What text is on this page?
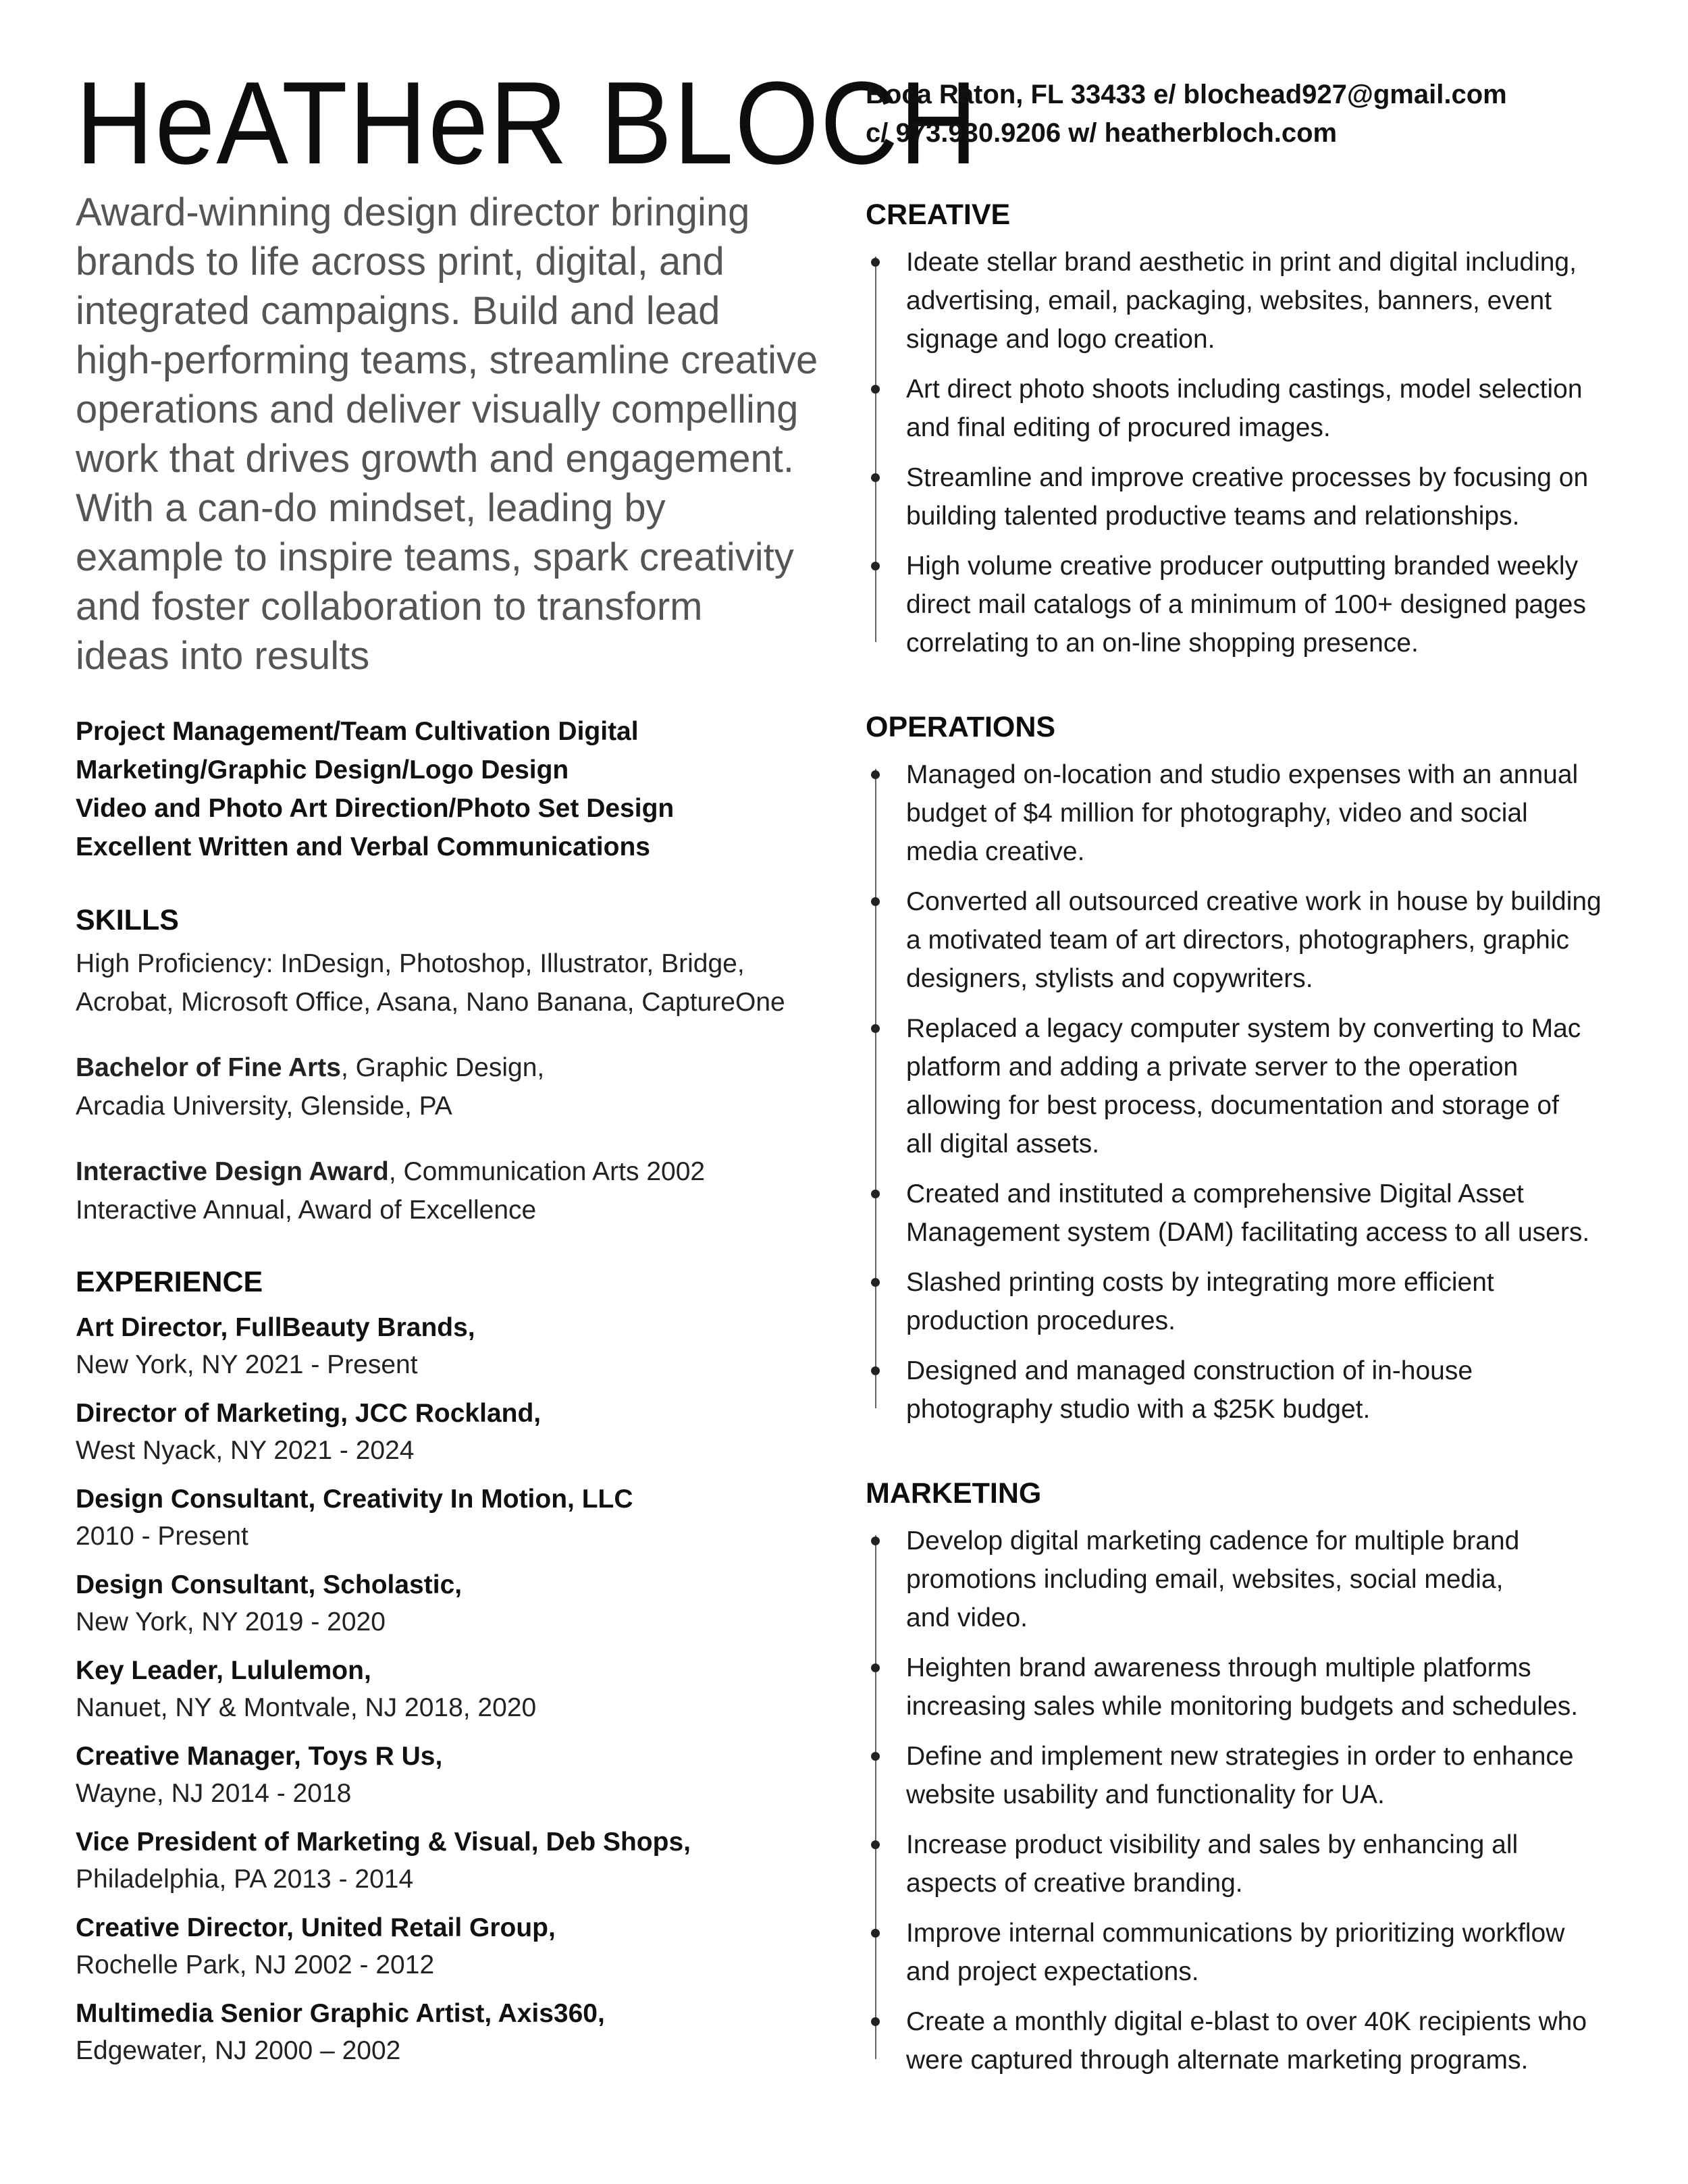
HeATHeR BLOCH
Boca Raton, FL 33433 e/ blochead927@gmail.com
c/ 973.930.9206 w/ heatherbloch.com
Award-winning design director bringing
brands to life across print, digital, and
integrated campaigns. Build and lead
high-performing teams, streamline creative
operations and deliver visually compelling
work that drives growth and engagement.
With a can-do mindset, leading by
example to inspire teams, spark creativity
and foster collaboration to transform
ideas into results
Project Management/Team Cultivation Digital
Marketing/Graphic Design/Logo Design
Video and Photo Art Direction/Photo Set Design
Excellent Written and Verbal Communications
SKILLS
High Proficiency: InDesign, Photoshop, Illustrator, Bridge,
Acrobat, Microsoft Office, Asana, Nano Banana, CaptureOne
Bachelor of Fine Arts, Graphic Design,
Arcadia University, Glenside, PA
Interactive Design Award, Communication Arts 2002
Interactive Annual, Award of Excellence
EXPERIENCE
Art Director, FullBeauty Brands,
New York, NY 2021 - Present
Director of Marketing, JCC Rockland,
West Nyack, NY 2021 - 2024
Design Consultant, Creativity In Motion, LLC
2010 - Present
Design Consultant, Scholastic,
New York, NY 2019 - 2020
Key Leader, Lululemon,
Nanuet, NY & Montvale, NJ 2018, 2020
Creative Manager, Toys R Us,
Wayne, NJ 2014 - 2018
Vice President of Marketing & Visual, Deb Shops,
Philadelphia, PA 2013 - 2014
Creative Director, United Retail Group,
Rochelle Park, NJ 2002 - 2012
Multimedia Senior Graphic Artist, Axis360,
Edgewater, NJ 2000 – 2002
CREATIVE
Ideate stellar brand aesthetic in print and digital including,
advertising, email, packaging, websites, banners, event
signage and logo creation.
Art direct photo shoots including castings, model selection
and final editing of procured images.
Streamline and improve creative processes by focusing on
building talented productive teams and relationships.
High volume creative producer outputting branded weekly
direct mail catalogs of a minimum of 100+ designed pages
correlating to an on-line shopping presence.
OPERATIONS
Managed on-location and studio expenses with an annual
budget of $4 million for photography, video and social
media creative.
Converted all outsourced creative work in house by building
a motivated team of art directors, photographers, graphic
designers, stylists and copywriters.
Replaced a legacy computer system by converting to Mac
platform and adding a private server to the operation
allowing for best process, documentation and storage of
all digital assets.
Created and instituted a comprehensive Digital Asset
Management system (DAM) facilitating access to all users.
Slashed printing costs by integrating more efficient
production procedures.
Designed and managed construction of in-house
photography studio with a $25K budget.
MARKETING
Develop digital marketing cadence for multiple brand
promotions including email, websites, social media,
and video.
Heighten brand awareness through multiple platforms
increasing sales while monitoring budgets and schedules.
Define and implement new strategies in order to enhance
website usability and functionality for UA.
Increase product visibility and sales by enhancing all
aspects of creative branding.
Improve internal communications by prioritizing workflow
and project expectations.
Create a monthly digital e-blast to over 40K recipients who
were captured through alternate marketing programs.
